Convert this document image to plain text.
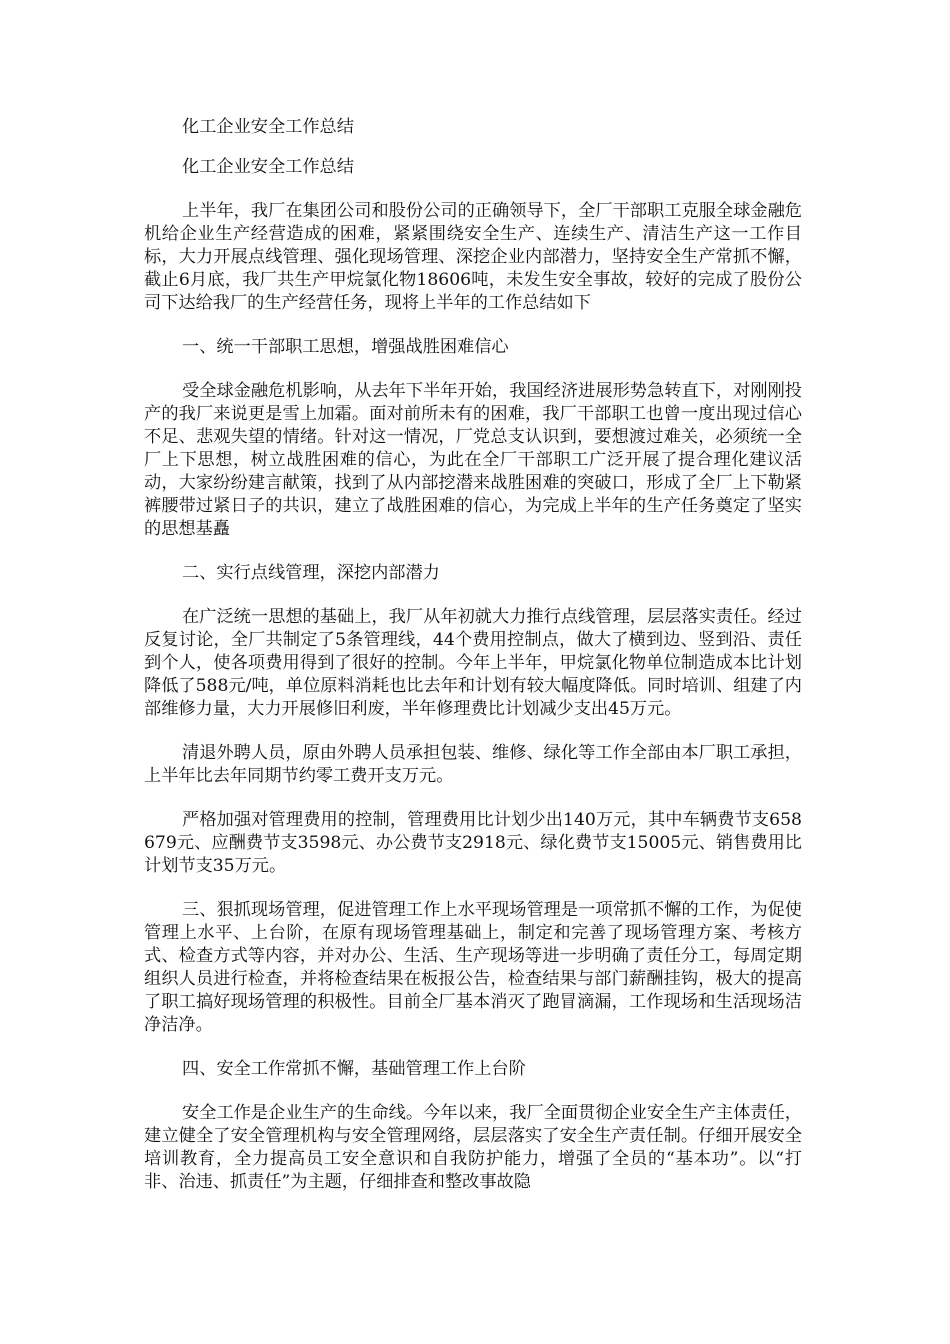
化工企业安全工作总结

化工企业安全工作总结

上半年，我厂在集团公司和股份公司的正确领导下，全厂干部职工克服全球金融危机给企业生产经营造成的困难，紧紧围绕安全生产、连续生产、清洁生产这一工作目标，大力开展点线管理、强化现场管理、深挖企业内部潜力，坚持安全生产常抓不懈，截止6月底，我厂共生产甲烷氯化物18606吨，未发生安全事故，较好的完成了股份公司下达给我厂的生产经营任务，现将上半年的工作总结如下

一、统一干部职工思想，增强战胜困难信心

受全球金融危机影响，从去年下半年开始，我国经济进展形势急转直下，对刚刚投产的我厂来说更是雪上加霜。面对前所未有的困难，我厂干部职工也曾一度出现过信心不足、悲观失望的情绪。针对这一情况，厂党总支认识到，要想渡过难关，必须统一全厂上下思想，树立战胜困难的信心，为此在全厂干部职工广泛开展了提合理化建议活动，大家纷纷建言献策，找到了从内部挖潜来战胜困难的突破口，形成了全厂上下勒紧裤腰带过紧日子的共识，建立了战胜困难的信心，为完成上半年的生产任务奠定了坚实的思想基矗

二、实行点线管理，深挖内部潜力

在广泛统一思想的基础上，我厂从年初就大力推行点线管理，层层落实责任。经过反复讨论，全厂共制定了5条管理线，44个费用控制点，做大了横到边、竖到沿、责任到个人，使各项费用得到了很好的控制。今年上半年，甲烷氯化物单位制造成本比计划降低了588元/吨，单位原料消耗也比去年和计划有较大幅度降低。同时培训、组建了内部维修力量，大力开展修旧利废，半年修理费比计划减少支出45万元。

清退外聘人员，原由外聘人员承担包装、维修、绿化等工作全部由本厂职工承担，上半年比去年同期节约零工费开支万元。

严格加强对管理费用的控制，管理费用比计划少出140万元，其中车辆费节支658679元、应酬费节支3598元、办公费节支2918元、绿化费节支15005元、销售费用比计划节支35万元。

三、狠抓现场管理，促进管理工作上水平现场管理是一项常抓不懈的工作，为促使管理上水平、上台阶，在原有现场管理基础上，制定和完善了现场管理方案、考核方式、检查方式等内容，并对办公、生活、生产现场等进一步明确了责任分工，每周定期组织人员进行检查，并将检查结果在板报公告，检查结果与部门薪酬挂钩，极大的提高了职工搞好现场管理的积极性。目前全厂基本消灭了跑冒滴漏，工作现场和生活现场洁净洁净。

四、安全工作常抓不懈，基础管理工作上台阶

安全工作是企业生产的生命线。今年以来，我厂全面贯彻企业安全生产主体责任，建立健全了安全管理机构与安全管理网络，层层落实了安全生产责任制。仔细开展安全培训教育，全力提高员工安全意识和自我防护能力，增强了全员的“基本功”。以“打非、治违、抓责任”为主题，仔细排查和整改事故隐
